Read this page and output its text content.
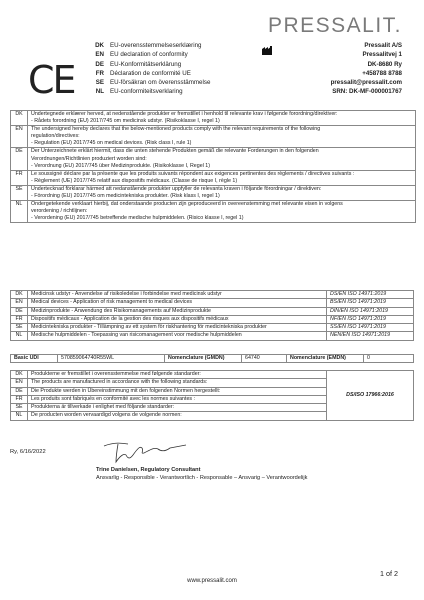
PRESSALIT.
CE
DK EU-overensstemmelseserklæring
EN EU declaration of conformity
DE EU-Konformitätserklärung
FR Déclaration de conformité UE
SE EU-försäkran om överensstämmelse
NL EU-conformiteitsverklaring
Pressalit A/S
Pressalitvej 1
DK-8680 Ry
+458788 8788
pressalit@pressalit.com
SRN: DK-MF-000001767
DK	Undertegnede erklærer herved, at nedenstående produkter er fremstillet i henhold til relevante krav i følgende forordning/direktiver:
- Rådets forordning (EU) 2017/745 om medicinsk udstyr. (Risikoklasse I, regel 1)
EN	The undersigned hereby declares that the below-mentioned products comply with the relevant requirements of the following
regulation/directives:
- Regulation (EU) 2017/745 on medical devices. (Risk class I, rule 1)
DE	Der Unterzeichnete erklärt hiermit, dass die unten stehende Produkten gemäß die relevante Forderungen in den folgenden
Verordnungen/Richtlinien produziert worden sind:
- Verordnung (EU) 2017/745 über Medizinprodukte. (Risikoklasse I, Regel 1)
FR	Le soussigné déclare par la présente que les produits suivants répondent aux exigences pertinentes des règlements / directives suivants :
- Règlement (UE) 2017/745 relatif aux dispositifs médicaux. (Classe de risque I, règle 1)
SE	Undertecknad förklarar härmed att nedanstående produkter uppfyller de relevanta kraven i följande förordningar / direktiven:
- Förordning (EU) 2017/745 om medicintekniska produkter. (Risk klass I, regel 1)
NL	Ondergetekende verklaart hierbij, dat onderstaande producten zijn geproduceerd in overeenstemming met relevante eisen in volgens
verordening / richtlijnen:
- Verordening (EU) 2017/745 betreffende medische hulpmiddelen. (Risico klasse I, regel 1)
DK	Medicinsk udstyr - Anvendelse af risikoledelse i forbindelse med medicinsk udstyr	DS/EN ISO 14971:2019
EN	Medical devices - Application of risk management to medical devices	BS/EN ISO 14971:2019
DE	Medizinprodukte - Anwendung des Risikomanagements auf Medizinprodukte	DIN/EN ISO 14971:2019
FR	Dispositifs médicaux - Application de la gestion des risques aux dispositifs médicaux	NF/EN ISO 14971:2019
SE	Medicintekniska produkter - Tillämpning av ett system för riskhantering för medicintekniska produkter	SS/EN ISO 14971:2019
NL	Medische hulpmiddelen - Toepassing van risicomanagement voor medische hulpmiddelen	NEN/EN ISO 14971:2019
Basic UDI	570859064740R55WL	Nomenclature (GMDN)	64740	Nomenclature (EMDN)	0
DK	Produkterne er fremstillet i overensstemmelse med følgende standarder:	DS/ISO 17966:2016
EN	The products are manufactured in accordance with the following standards:	
DE	Die Produkte werden in Übereinstimmung mit den folgenden Normen hergestellt:	
FR	Les produits sont fabriqués en conformité avec les normes suivantes :	
SE	Produkterna är tillverkade i enlighet med följande standarder:	
NL	De producten worden vervaardigd volgens de volgende normen:	
Ry, 6/16/2022
Trine Danielsen, Regulatory Consultant
Ansvarlig - Responsible - Verantwortlich - Responsable – Ansvarig – Verantwoordelijk
1 of 2
www.pressalit.com
